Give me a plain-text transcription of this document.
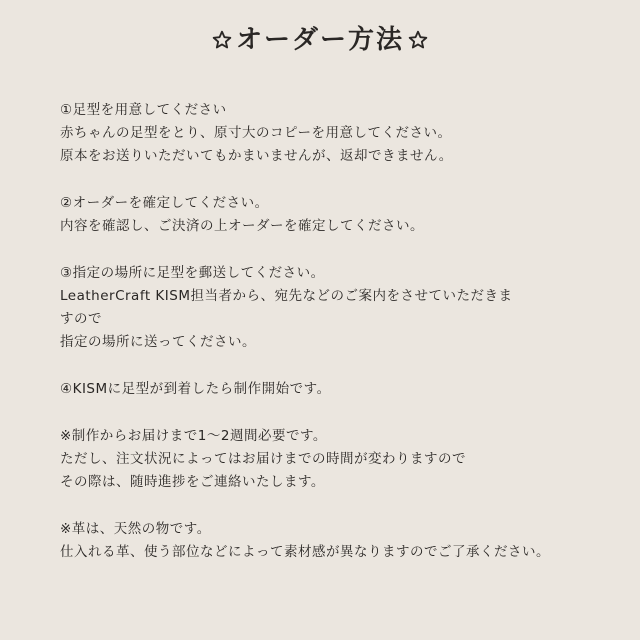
オーダー方法
①足型を用意してください
赤ちゃんの足型をとり、原寸大のコピーを用意してください。
原本をお送りいただいてもかまいませんが、返却できません。
②オーダーを確定してください。
内容を確認し、ご決済の上オーダーを確定してください。
③指定の場所に足型を郵送してください。
LeatherCraft KISM担当者から、宛先などのご案内をさせていただきま
すので
指定の場所に送ってください。
④KISMに足型が到着したら制作開始です。
※制作からお届けまで1〜2週間必要です。
ただし、注文状況によってはお届けまでの時間が変わりますので
その際は、随時進捗をご連絡いたします。
※革は、天然の物です。
仕入れる革、使う部位などによって素材感が異なりますのでご了承ください。
